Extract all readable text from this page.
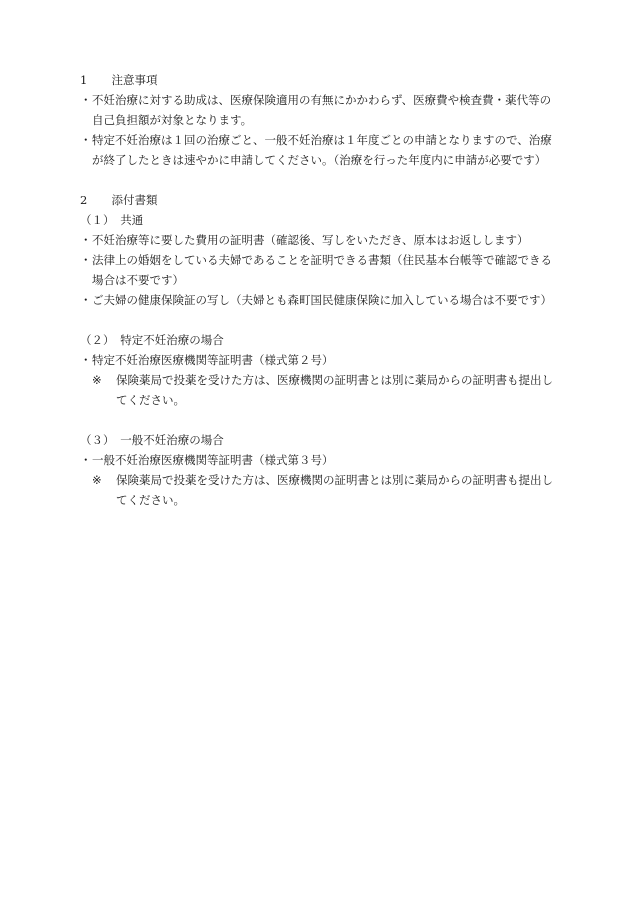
1　 注意事項

・ 不妊治療に対する助成は、医療保険適用の有無にかかわらず、医療費や検査費・薬代等の自己負担額が対象となります。

・ 特定不妊治療は１回の治療ごと、一般不妊治療は１年度ごとの申請となりますので、治療が終了したときは速やかに申請してください。（治療を行った年度内に申請が必要です）

2　 添付書類

（１）　共通

・ 不妊治療等に要した費用の証明書（確認後、写しをいただき、原本はお返しします）

・ 法律上の婚姻をしている夫婦であることを証明できる書類（住民基本台帳等で確認できる場合は不要です）

・ ご夫婦の健康保険証の写し（夫婦とも森町国民健康保険に加入している場合は不要です）

（２）　特定不妊治療の場合

・ 特定不妊治療医療機関等証明書（様式第２号）

※ 保険薬局で投薬を受けた方は、医療機関の証明書とは別に薬局からの証明書も提出してください。

（３）　一般不妊治療の場合

・ 一般不妊治療医療機関等証明書（様式第３号）

※ 保険薬局で投薬を受けた方は、医療機関の証明書とは別に薬局からの証明書も提出してください。
